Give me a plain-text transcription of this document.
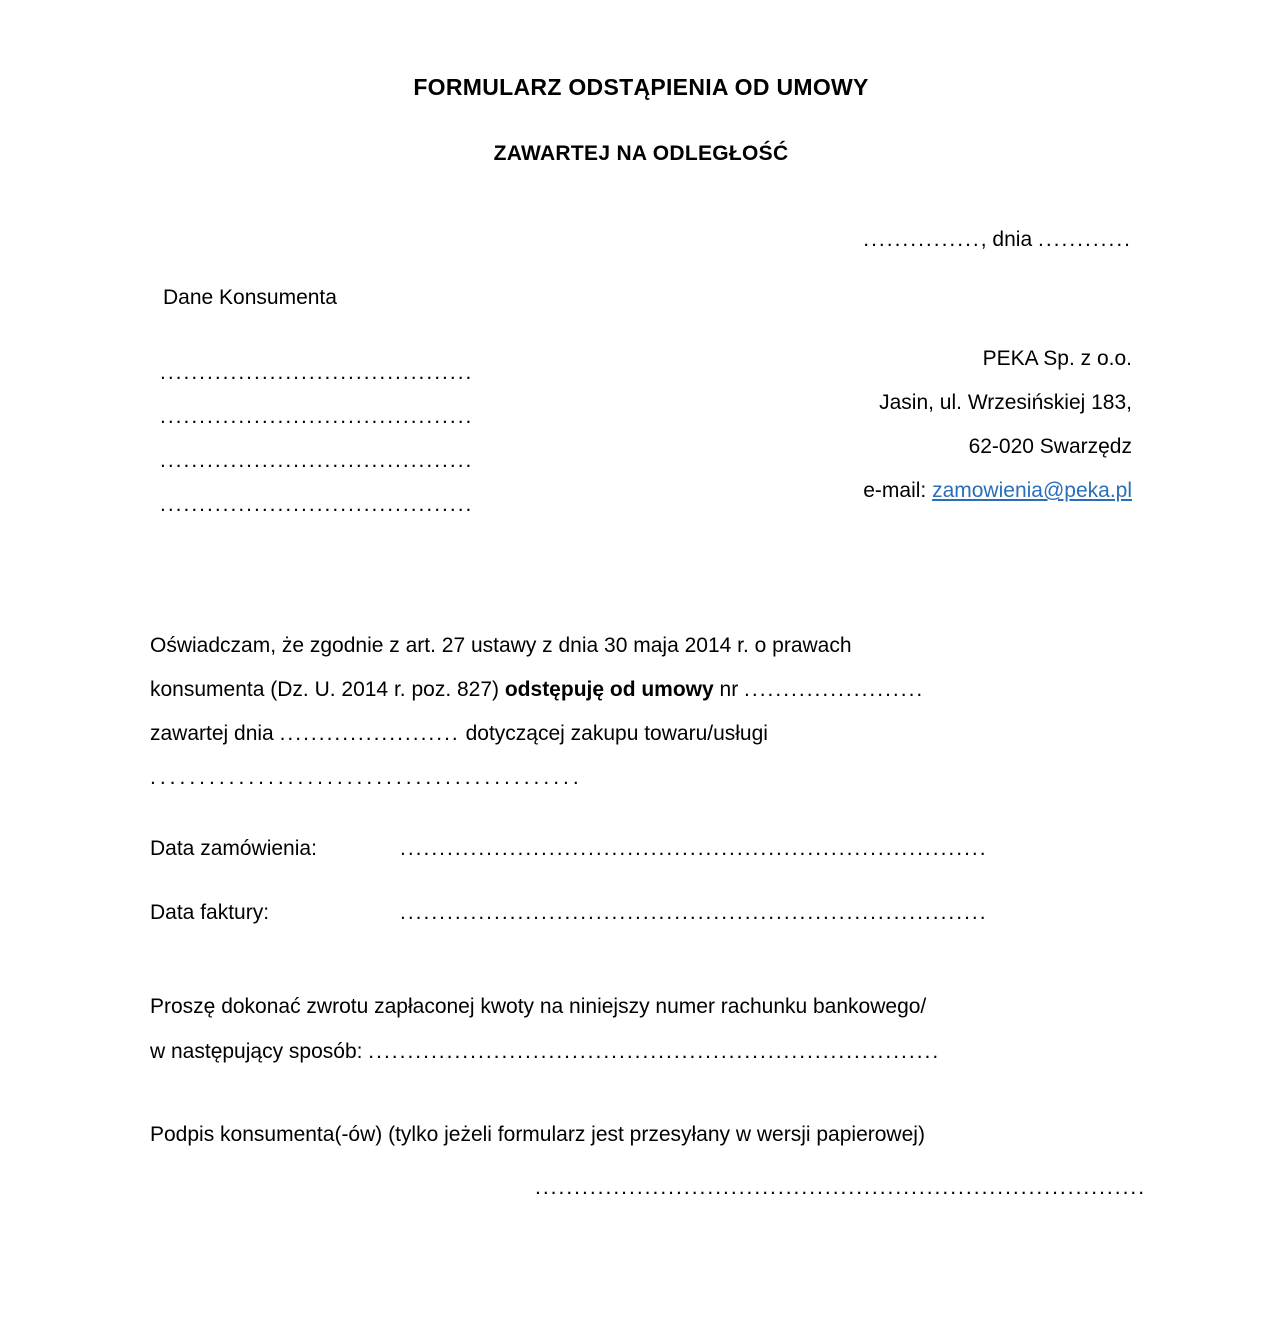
FORMULARZ ODSTĄPIENIA OD UMOWY
ZAWARTEJ NA ODLEGŁOŚĆ
..............., dnia ............
Dane Konsumenta
........................................
........................................
........................................
........................................
PEKA Sp. z o.o.
Jasin, ul. Wrzesińskiej 183,
62-020 Swarzędz
e-mail: zamowienia@peka.pl
Oświadczam, że zgodnie z art. 27 ustawy z dnia 30 maja 2014 r. o prawach
konsumenta (Dz. U. 2014 r. poz. 827) odstępuję od umowy nr .......................
zawartej dnia ....................... dotyczącej zakupu towaru/usługi
............................................
Data zamówienia:	...........................................................................
Data faktury:	...........................................................................
Proszę dokonać zwrotu zapłaconej kwoty na niniejszy numer rachunku bankowego/
w następujący sposób: .........................................................................
Podpis konsumenta(-ów) (tylko jeżeli formularz jest przesyłany w wersji papierowej)
..............................................................................
